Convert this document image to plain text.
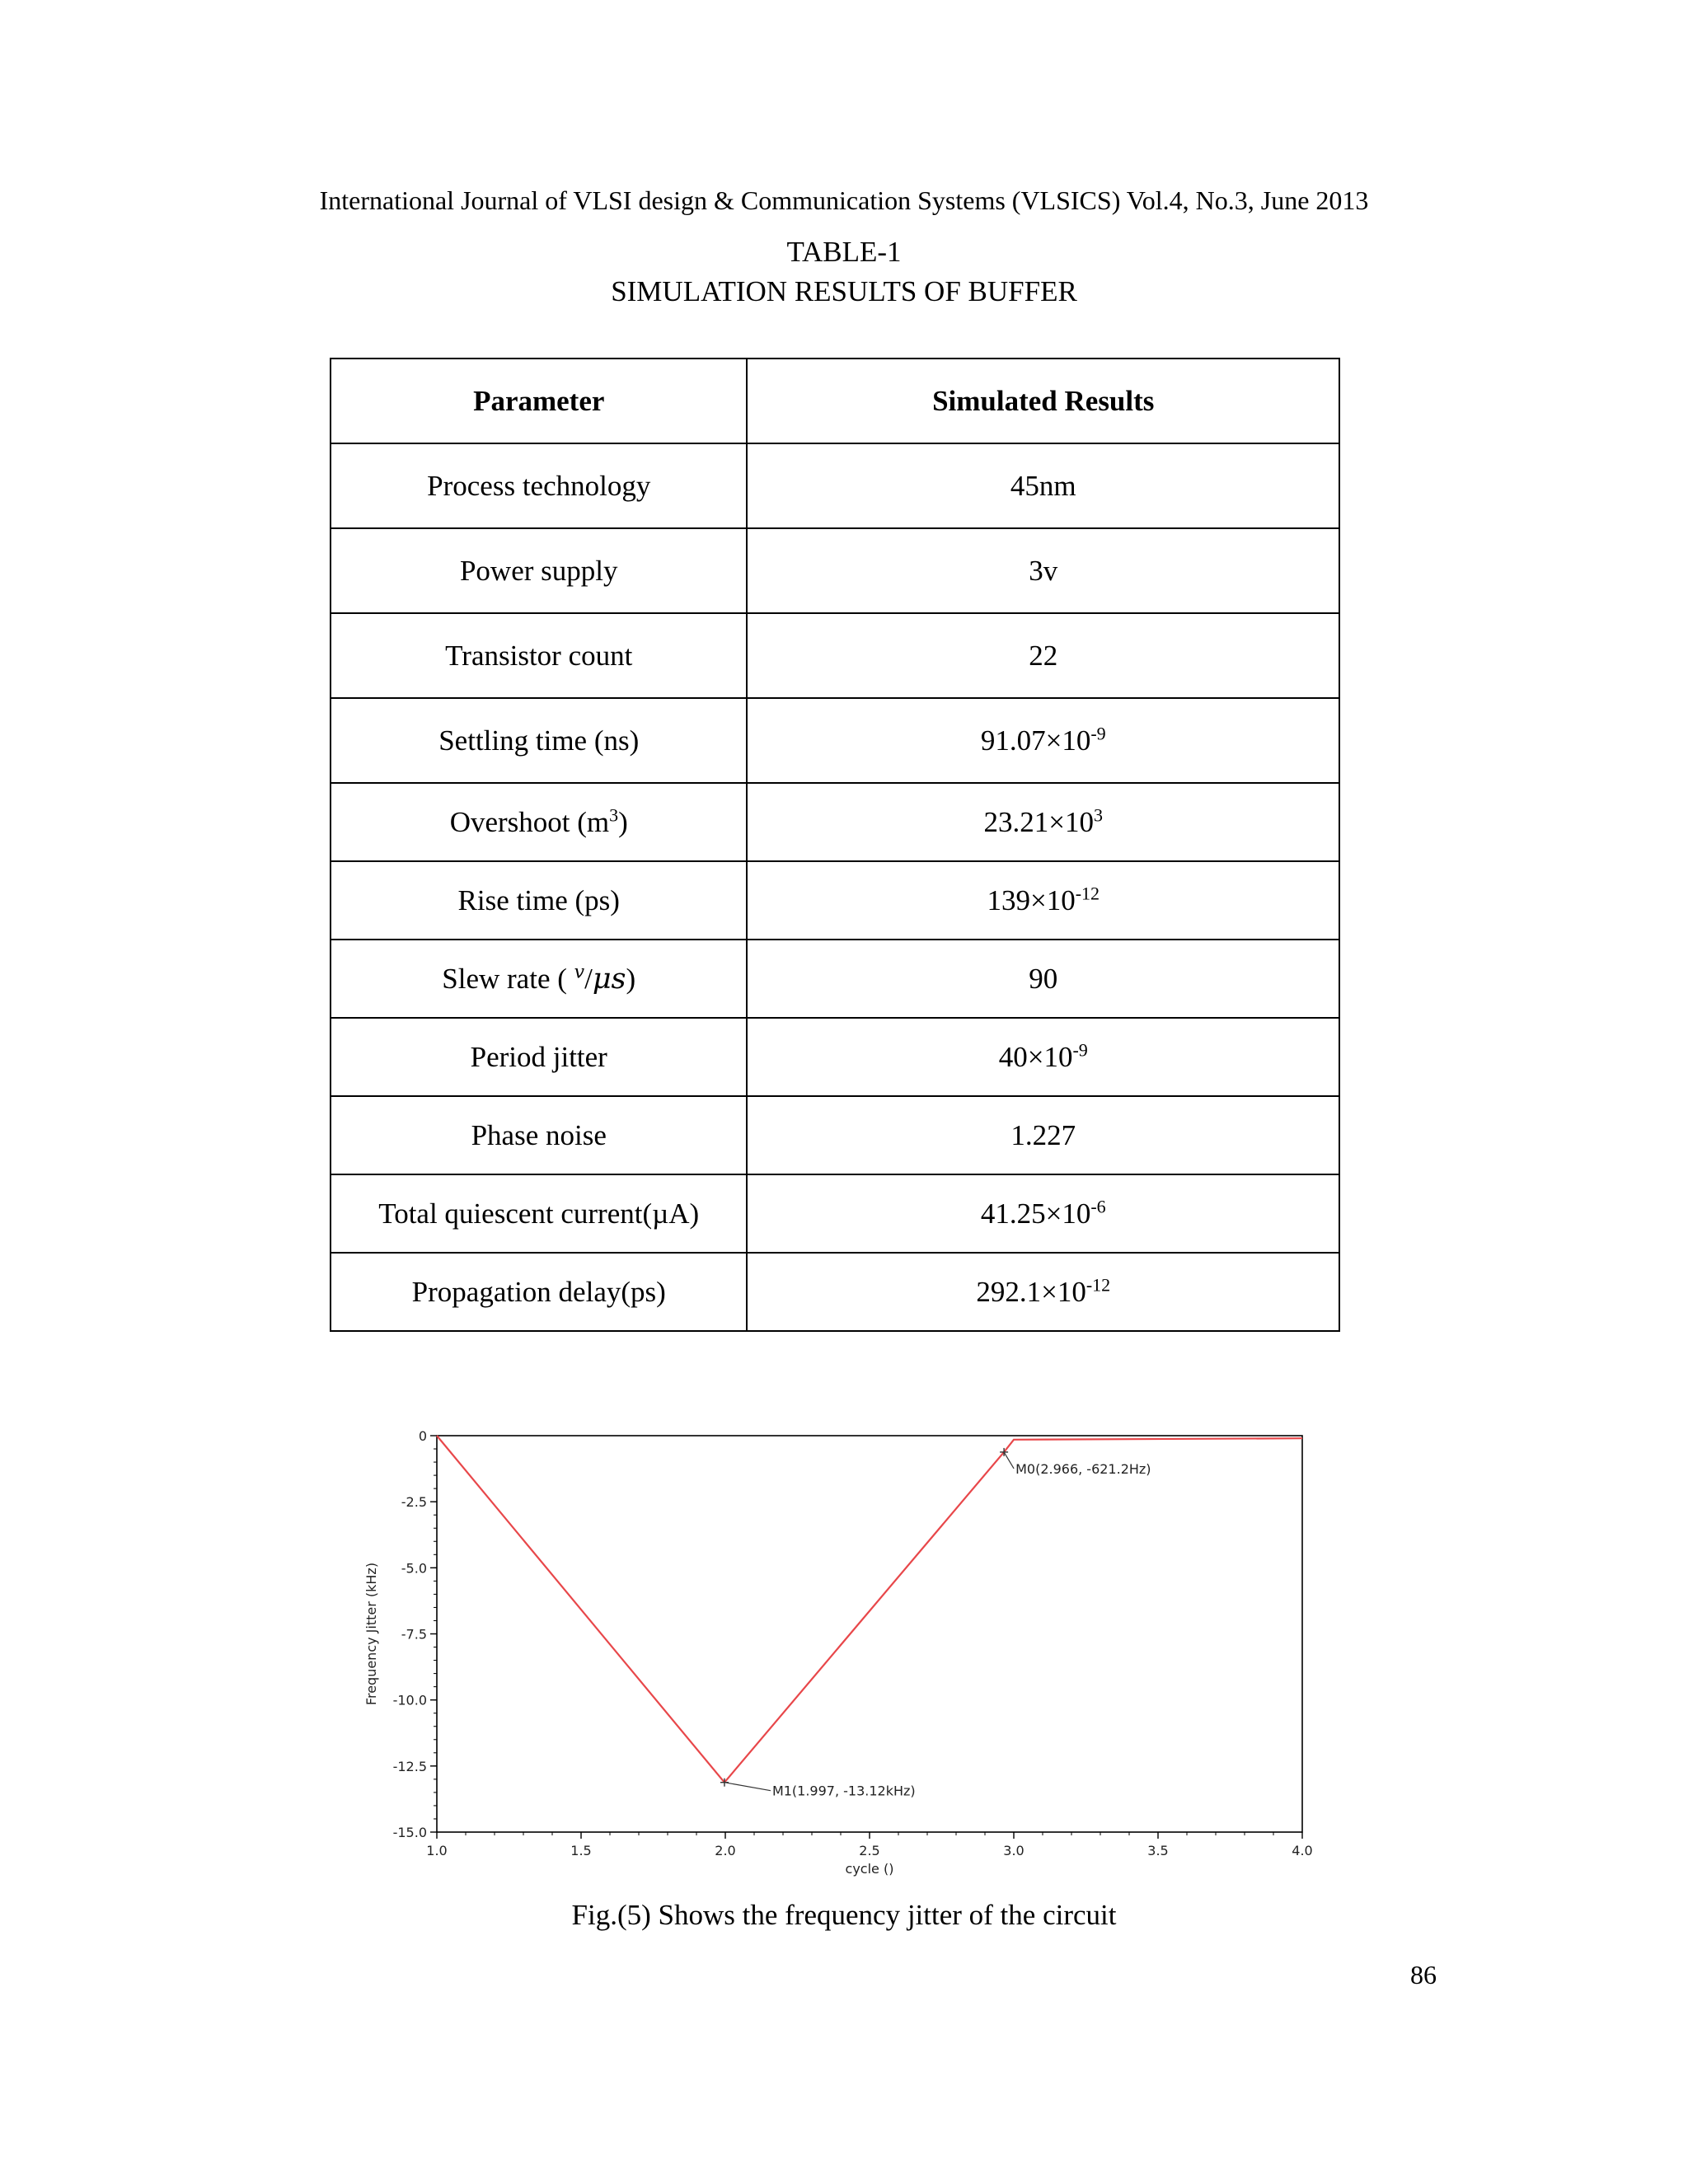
International Journal of VLSI design & Communication Systems (VLSICS) Vol.4, No.3, June 2013
TABLE-1
SIMULATION RESULTS OF BUFFER
Parameter	Simulated Results
Process technology	45nm
Power supply	3v
Transistor count	22
Settling time (ns)	$91.07\times 10^{-9}$
Overshoot $(m^3)$	$23.21\times 10^3$
Rise time (ps)	$139\times 10^{-12}$
Slew rate ( $^v$/μs)	90
Period jitter	$40\times 10^{-9}$
Phase noise	1.227
Total quiescent current(µA)	$41.25\times 10^{-6}$
Propagation delay(ps)	$292.1\times 10^{-12}$
0
-2.5
-5.0
-7.5
-10.0
-12.5
-15.0
1.0	1.5	2.0	2.5	3.0	3.5	4.0
cycle ()
Frequency Jitter (kHz)
M1(1.997, -13.12kHz)
M0(2.966, -621.2Hz)
Fig.(5) Shows the frequency jitter of the circuit
86
